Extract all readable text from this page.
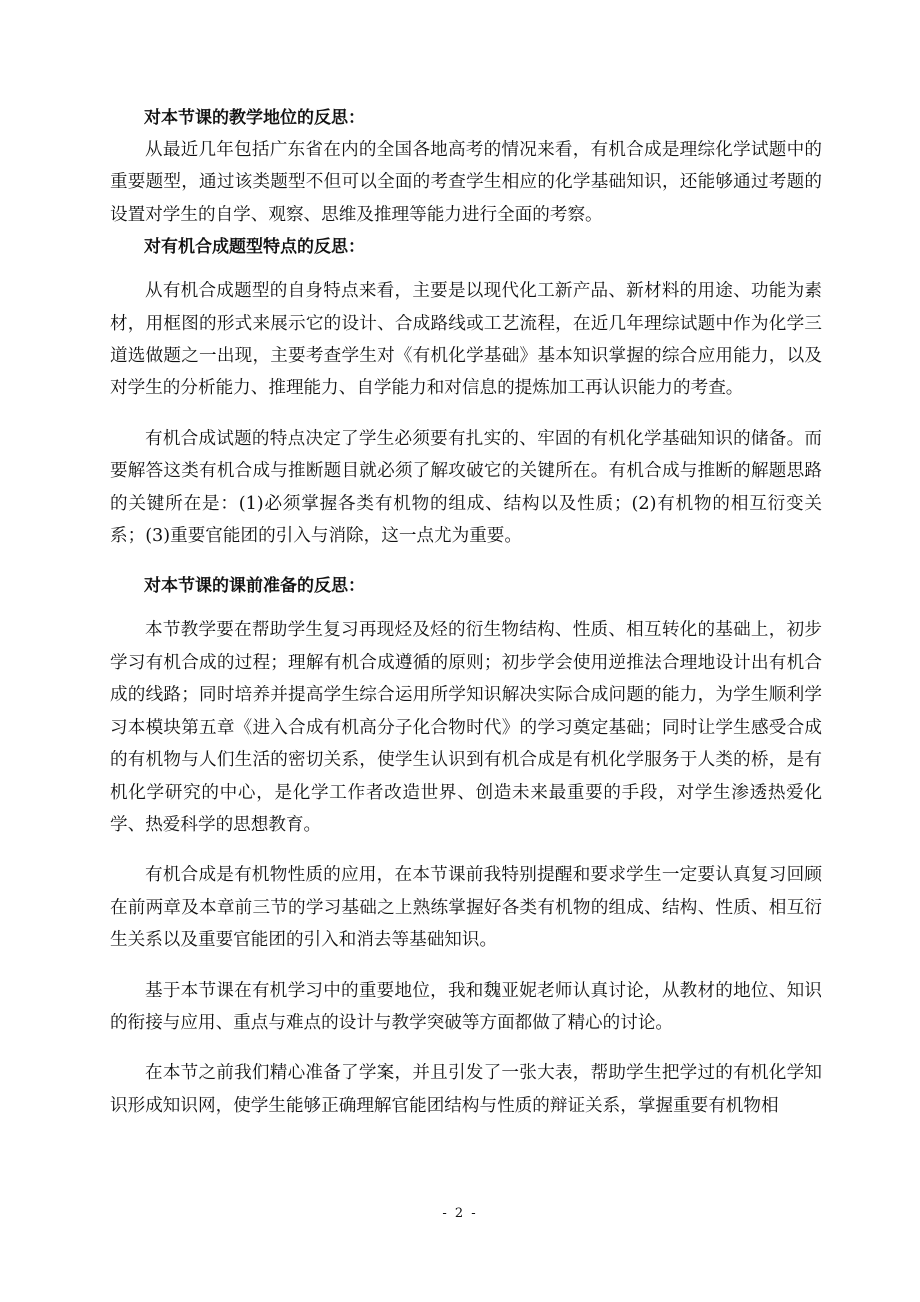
对本节课的教学地位的反思：

从最近几年包括广东省在内的全国各地高考的情况来看，有机合成是理综化学试题中的重要题型，通过该类题型不但可以全面的考查学生相应的化学基础知识，还能够通过考题的设置对学生的自学、观察、思维及推理等能力进行全面的考察。

对有机合成题型特点的反思：

从有机合成题型的自身特点来看，主要是以现代化工新产品、新材料的用途、功能为素材，用框图的形式来展示它的设计、合成路线或工艺流程，在近几年理综试题中作为化学三道选做题之一出现，主要考查学生对《有机化学基础》基本知识掌握的综合应用能力，以及对学生的分析能力、推理能力、自学能力和对信息的提炼加工再认识能力的考查。

有机合成试题的特点决定了学生必须要有扎实的、牢固的有机化学基础知识的储备。而要解答这类有机合成与推断题目就必须了解攻破它的关键所在。有机合成与推断的解题思路的关键所在是：(1)必须掌握各类有机物的组成、结构以及性质；(2)有机物的相互衍变关系；(3)重要官能团的引入与消除，这一点尤为重要。

对本节课的课前准备的反思：

本节教学要在帮助学生复习再现烃及烃的衍生物结构、性质、相互转化的基础上，初步学习有机合成的过程；理解有机合成遵循的原则；初步学会使用逆推法合理地设计出有机合成的线路；同时培养并提高学生综合运用所学知识解决实际合成问题的能力，为学生顺利学习本模块第五章《进入合成有机高分子化合物时代》的学习奠定基础；同时让学生感受合成的有机物与人们生活的密切关系，使学生认识到有机合成是有机化学服务于人类的桥，是有机化学研究的中心，是化学工作者改造世界、创造未来最重要的手段，对学生渗透热爱化学、热爱科学的思想教育。

有机合成是有机物性质的应用，在本节课前我特别提醒和要求学生一定要认真复习回顾在前两章及本章前三节的学习基础之上熟练掌握好各类有机物的组成、结构、性质、相互衍生关系以及重要官能团的引入和消去等基础知识。

基于本节课在有机学习中的重要地位，我和魏亚妮老师认真讨论，从教材的地位、知识的衔接与应用、重点与难点的设计与教学突破等方面都做了精心的讨论。

在本节之前我们精心准备了学案，并且引发了一张大表，帮助学生把学过的有机化学知识形成知识网，使学生能够正确理解官能团结构与性质的辩证关系，掌握重要有机物相

- 2 -
